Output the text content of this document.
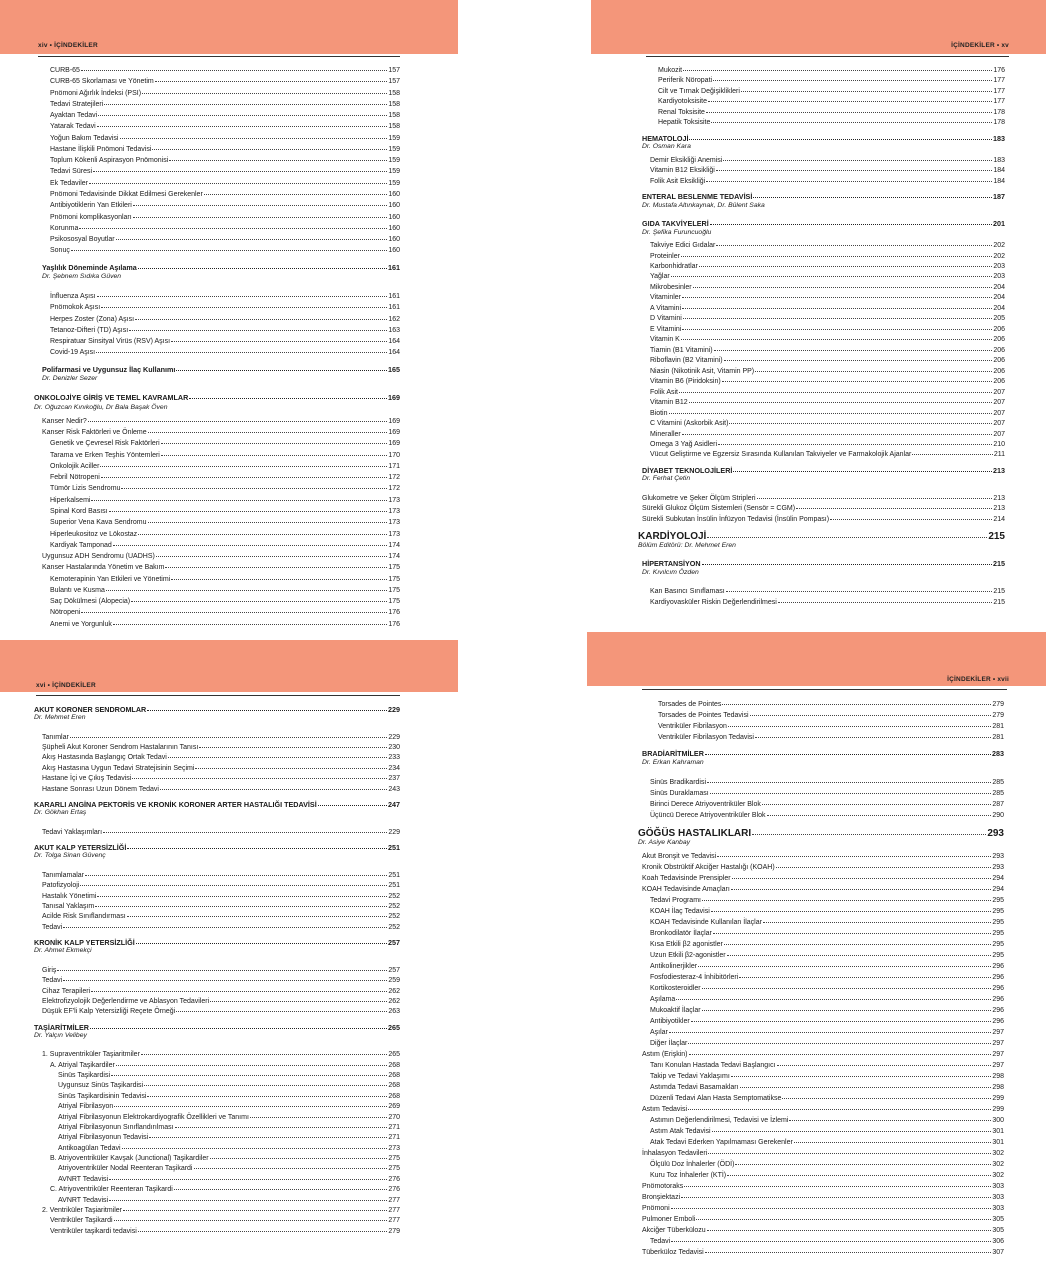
xiv • İÇİNDEKİLER
CURB-65	157
CURB-65 Skorlaması ve Yönetim	157
Pnömoni Ağırlık İndeksi (PSI)	158
Tedavi Stratejileri	158
Ayaktan Tedavi	158
Yatarak Tedavi	158
Yoğun Bakım Tedavisi	159
Hastane İlişkili Pnömoni Tedavisi	159
Toplum Kökenli Aspirasyon Pnömonisi	159
Tedavi Süresi	159
Ek Tedaviler	159
Pnömoni Tedavisinde Dikkat Edilmesi Gerekenler	160
Antibiyotiklerin Yan Etkileri	160
Pnömoni komplikasyonları	160
Korunma	160
Psikososyal Boyutlar	160
Sonuç	160
Yaşlılık Döneminde Aşılama	161
Dr. Şebnem Sıdıka Güven
İnfluenza Aşısı	161
Pnömokok Aşısı	161
Herpes Zoster (Zona) Aşısı	162
Tetanoz-Difteri (TD) Aşısı	163
Respiratuar Sinsityal Virüs (RSV) Aşısı	164
Covid-19 Aşısı	164
Polifarmasi ve Uygunsuz İlaç Kullanımı	165
Dr. Denizler Sezer
ONKOLOJİYE GİRİŞ VE TEMEL KAVRAMLAR	169
Dr. Oğuzcan Kınıkoğlu, Dr Bala Başak Öven
Kanser Nedir?	169
Kanser Risk Faktörleri ve Önleme	169
Genetik ve Çevresel Risk Faktörleri	169
Tarama ve Erken Teşhis Yöntemleri	170
Onkolojik Aciller	171
Febril Nötropeni	172
Tümör Lizis Sendromu	172
Hiperkalsemi	173
Spinal Kord Basısı	173
Superior Vena Kava Sendromu	173
Hiperleukositoz ve Lökostaz	173
Kardiyak Tamponad	174
Uygunsuz ADH Sendromu (UADHS)	174
Kanser Hastalarında Yönetim ve Bakım	175
Kemoterapinin Yan Etkileri ve Yönetimi	175
Bulantı ve Kusma	175
Saç Dökülmesi (Alopecia)	175
Nötropeni	176
Anemi ve Yorgunluk	176
İÇİNDEKİLER • xv
Mukozit	176
Periferik Nöropati	177
Cilt ve Tırnak Değişiklikleri	177
Kardiyotoksisite	177
Renal Toksisite	178
Hepatik Toksisite	178
HEMATOLOJİ	183
Dr. Osman Kara
Demir Eksikliği Anemisi	183
Vitamin B12 Eksikliği	184
Folik Asit Eksikliği	184
ENTERAL BESLENME TEDAVİSİ	187
Dr. Mustafa Altınkaynak, Dr. Bülent Saka
GIDA TAKVİYELERİ	201
Dr. Şefika Furuncuoğlu
Takviye Edici Gıdalar	202
Proteinler	202
Karbonhidratlar	203
Yağlar	203
Mikrobesinler	204
Vitaminler	204
A Vitamini	204
D Vitamini	205
E Vitamini	206
Vitamin K	206
Tiamin (B1 Vitamini)	206
Riboflavin (B2 Vitamini)	206
Niasin (Nikotinik Asit, Vitamin PP)	206
Vitamin B6 (Piridoksin)	206
Folik Asit	207
Vitamin B12	207
Biotin	207
C Vitamini (Askorbik Asit)	207
Mineraller	207
Omega 3 Yağ Asidleri	210
Vücut Geliştirme ve Egzersiz Sırasında Kullanılan Takviyeler ve Farmakolojik Ajanlar	211
DİYABET TEKNOLOJİLERİ	213
Dr. Ferhat Çetin
Glukometre ve Şeker Ölçüm Stripleri	213
Sürekli Glukoz Ölçüm Sistemleri (Sensör = CGM)	213
Sürekli Subkutan İnsülin İnfüzyon Tedavisi (İnsülin Pompası)	214
KARDİYOLOJİ	215
Bölüm Editörü: Dr. Mehmet Eren
HİPERTANSİYON	215
Dr. Kıvılcım Özden
Kan Basıncı Sınıflaması	215
Kardiyovasküler Riskin Değerlendirilmesi	215
xvi • İÇİNDEKİLER
AKUT KORONER SENDROMLAR	229
Dr. Mehmet Eren
Tanımlar	229
Şüpheli Akut Koroner Sendrom Hastalarının Tanısı	230
Akış Hastasında Başlangıç Ortak Tedavi	233
Akış Hastasına Uygun Tedavi Stratejisinin Seçimi	234
Hastane İçi ve Çıkış Tedavisi	237
Hastane Sonrası Uzun Dönem Tedavi	243
KARARLI ANGİNA PEKTORİS VE KRONİK KORONER ARTER HASTALIĞI TEDAVİSİ	247
Dr. Gökhan Ertaş
Tedavi Yaklaşımları	229
AKUT KALP YETERSİZLİĞİ	251
Dr. Tolga Sinan Güvenç
Tanımlamalar	251
Patofizyoloji	251
Hastalık Yönetimi	252
Tanısal Yaklaşım	252
Acilde Risk Sınıflandırması	252
Tedavi	252
KRONİK KALP YETERSİZLİĞİ	257
Dr. Ahmet Ekmekçi
Giriş	257
Tedavi	259
Cihaz Terapileri	262
Elektrofizyolojik Değerlendirme ve Ablasyon Tedavileri	262
Düşük EF'li Kalp Yetersizliği Reçete Örneği	263
TAŞİARİTMİLER	265
Dr. Yalçın Velibey
1. Supraventriküler Taşiaritmiler	265
A. Atriyal Taşikardiler	268
Sinüs Taşikardisi	268
Uygunsuz Sinüs Taşikardisi	268
Sinüs Taşikardisinin Tedavisi	268
Atriyal Fibrilasyon	269
Atriyal Fibrilasyonun Elektrokardiyografik Özellikleri ve Tanımı	270
Atriyal Fibrilasyonun Sınıflandırılması	271
Atriyal Fibrilasyonun Tedavisi	271
Antikoagülan Tedavi	273
B. Atriyoventriküler Kavşak (Junctional) Taşikardiler	275
Atriyoventriküler Nodal Reenteran Taşikardi	275
AVNRT Tedavisi	276
C. Atriyoventriküler Reenteran Taşikardi	276
AVNRT Tedavisi	277
2. Ventriküler Taşiaritmiler	277
Ventriküler Taşikardi	277
Ventriküler taşikardi tedavisi	279
İÇİNDEKİLER • xvii
Torsades de Pointes	279
Torsades de Pointes Tedavisi	279
Ventriküler Fibrilasyon	281
Ventriküler Fibrilasyon Tedavisi	281
BRADİARİTMİLER	283
Dr. Erkan Kahraman
Sinüs Bradikardisi	285
Sinüs Duraklaması	285
Birinci Derece Atriyoventriküler Blok	287
Üçüncü Derece Atriyoventriküler Blok	290
GÖĞÜS HASTALIKLARI	293
Dr. Asiye Kanbay
Akut Bronşit ve Tedavisi	293
Kronik Obstrüktif Akciğer Hastalığı (KOAH)	293
Koah Tedavisinde Prensipler	294
KOAH Tedavisinde Amaçları	294
Tedavi Programı	295
KOAH İlaç Tedavisi	295
KOAH Tedavisinde Kullanılan İlaçlar	295
Bronkodilatör İlaçlar	295
Kısa Etkili β2 agonistler	295
Uzun Etkili β2-agonistler	295
Antikolinerjikler	296
Fosfodiesteraz-4 İnhibitörleri	296
Kortikosteroidler	296
Aşılama	296
Mukoaktif İlaçlar	296
Antibiyotikler	296
Aşılar	297
Diğer İlaçlar	297
Astım (Erişkin)	297
Tanı Konulan Hastada Tedavi Başlangıcı	297
Takip ve Tedavi Yaklaşımı	298
Astımda Tedavi Basamakları	298
Düzenli Tedavi Alan Hasta Semptomatikse	299
Astım Tedavisi	299
Astımın Değerlendirilmesi, Tedavisi ve İzlemi	300
Astım Atak Tedavisi	301
Atak Tedavi Ederken Yapılmaması Gerekenler	301
İnhalasyon Tedavileri	302
Ölçülü Doz İnhalerler (ÖDİ)	302
Kuru Toz İnhalerler (KTİ)	302
Pnömotoraks	303
Bronşiektazi	303
Pnömoni	303
Pulmoner Emboli	305
Akciğer Tüberkülozu	305
Tedavi	306
Tüberküloz Tedavisi	307
